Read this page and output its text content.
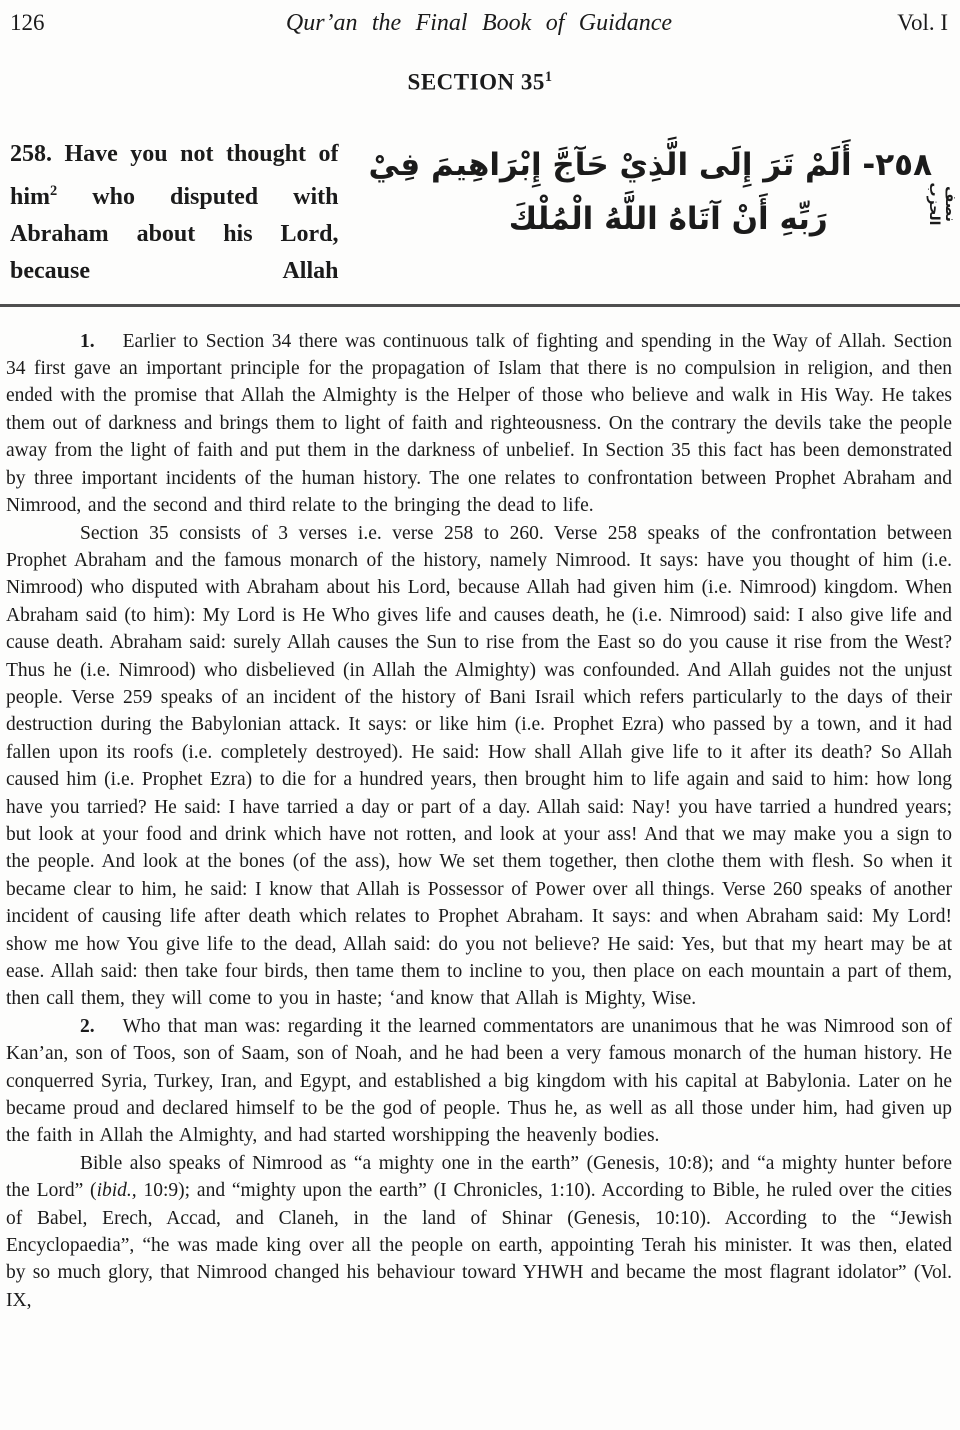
126	Qur’an the Final Book of Guidance	Vol. I
SECTION $35^1$
258. Have you not thought of him$^2$ who disputed with Abraham about his Lord, because Allah
٢٥٨- أَلَمْ تَرَ إِلَى الَّذِيْ حَآجَّ إِبْرَاهِيمَ فِيْ
رَبِّهِ أَنْ آتَاهُ اللَّهُ الْمُلْكَ	نصف الحزب

1. Earlier to Section 34 there was continuous talk of fighting and spending in the Way of Allah. Section 34 first gave an important principle for the propagation of Islam that there is no compulsion in religion, and then ended with the promise that Allah the Almighty is the Helper of those who believe and walk in His Way. He takes them out of darkness and brings them to light of faith and righteousness. On the contrary the devils take the people away from the light of faith and put them in the darkness of unbelief. In Section 35 this fact has been demonstrated by three important incidents of the human history. The one relates to confrontation between Prophet Abraham and Nimrood, and the second and third relate to the bringing the dead to life.

Section 35 consists of 3 verses i.e. verse 258 to 260. Verse 258 speaks of the confrontation between Prophet Abraham and the famous monarch of the history, namely Nimrood. It says: have you thought of him (i.e. Nimrood) who disputed with Abraham about his Lord, because Allah had given him (i.e. Nimrood) kingdom. When Abraham said (to him): My Lord is He Who gives life and causes death, he (i.e. Nimrood) said: I also give life and cause death. Abraham said: surely Allah causes the Sun to rise from the East so do you cause it rise from the West? Thus he (i.e. Nimrood) who disbelieved (in Allah the Almighty) was confounded. And Allah guides not the unjust people. Verse 259 speaks of an incident of the history of Bani Israil which refers particularly to the days of their destruction during the Babylonian attack. It says: or like him (i.e. Prophet Ezra) who passed by a town, and it had fallen upon its roofs (i.e. completely destroyed). He said: How shall Allah give life to it after its death? So Allah caused him (i.e. Prophet Ezra) to die for a hundred years, then brought him to life again and said to him: how long have you tarried? He said: I have tarried a day or part of a day. Allah said: Nay! you have tarried a hundred years; but look at your food and drink which have not rotten, and look at your ass! And that we may make you a sign to the people. And look at the bones (of the ass), how We set them together, then clothe them with flesh. So when it became clear to him, he said: I know that Allah is Possessor of Power over all things. Verse 260 speaks of another incident of causing life after death which relates to Prophet Abraham. It says: and when Abraham said: My Lord! show me how You give life to the dead, Allah said: do you not believe? He said: Yes, but that my heart may be at ease. Allah said: then take four birds, then tame them to incline to you, then place on each mountain a part of them, then call them, they will come to you in haste; ‘and know that Allah is Mighty, Wise.

2. Who that man was: regarding it the learned commentators are unanimous that he was Nimrood son of Kan’an, son of Toos, son of Saam, son of Noah, and he had been a very famous monarch of the human history. He conquerred Syria, Turkey, Iran, and Egypt, and established a big kingdom with his capital at Babylonia. Later on he became proud and declared himself to be the god of people. Thus he, as well as all those under him, had given up the faith in Allah the Almighty, and had started worshipping the heavenly bodies.

Bible also speaks of Nimrood as “a mighty one in the earth” (Genesis, 10:8); and “a mighty hunter before the Lord” (ibid., 10:9); and “mighty upon the earth” (I Chronicles, 1:10). According to Bible, he ruled over the cities of Babel, Erech, Accad, and Claneh, in the land of Shinar (Genesis, 10:10). According to the “Jewish Encyclopaedia”, “he was made king over all the people on earth, appointing Terah his minister. It was then, elated by so much glory, that Nimrood changed his behaviour toward YHWH and became the most flagrant idolator” (Vol. IX,
